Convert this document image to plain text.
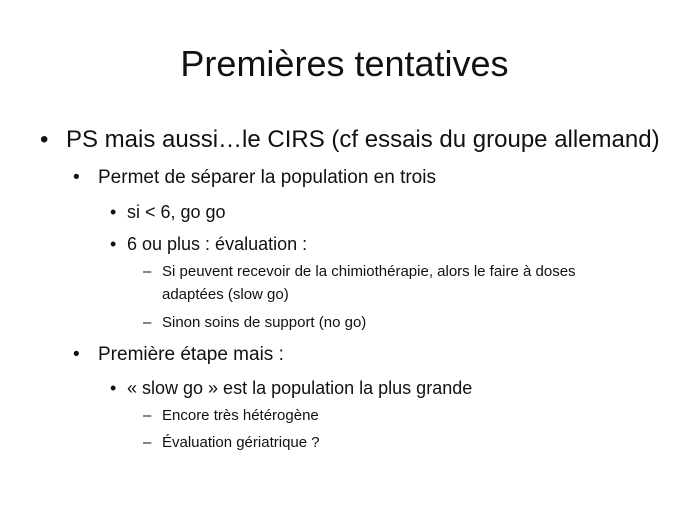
Premières tentatives
• PS mais aussi…le CIRS (cf essais du groupe allemand)
• Permet de séparer la population en trois
• si < 6, go go
• 6 ou plus : évaluation :
– Si peuvent recevoir de la chimiothérapie, alors le faire à doses
adaptées (slow go)
– Sinon soins de support (no go)
• Première étape mais :
• « slow go » est la population la plus grande
– Encore très hétérogène
– Évaluation gériatrique ?
